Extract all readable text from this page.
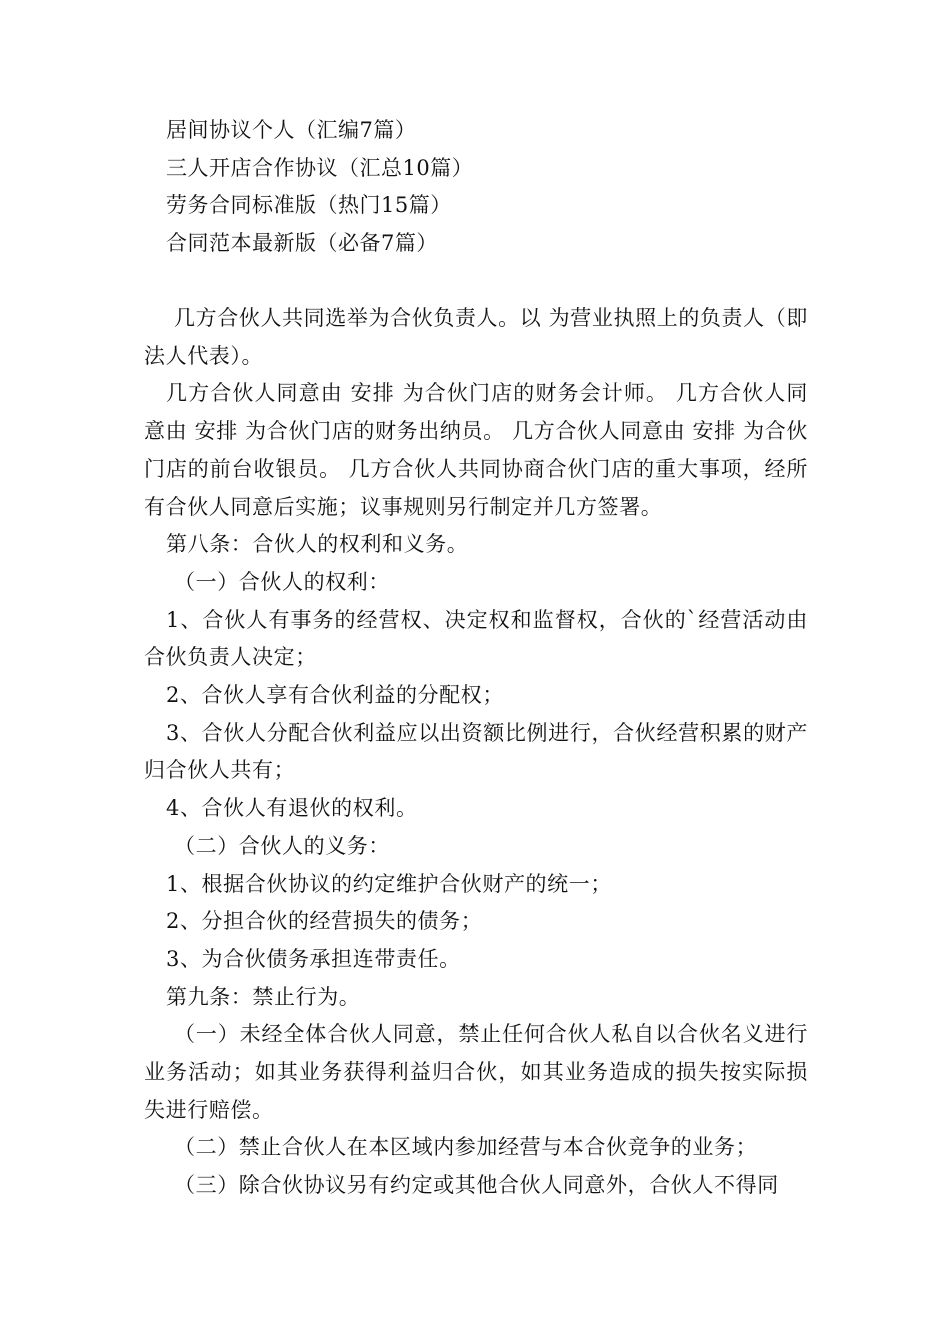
居间协议个人（汇编7篇）
三人开店合作协议（汇总10篇）
劳务合同标准版（热门15篇）
合同范本最新版（必备7篇）

几方合伙人共同选举为合伙负责人。以 为营业执照上的负责人（即法人代表）。

几方合伙人同意由 安排 为合伙门店的财务会计师。 几方合伙人同意由 安排 为合伙门店的财务出纳员。 几方合伙人同意由 安排 为合伙门店的前台收银员。 几方合伙人共同协商合伙门店的重大事项，经所有合伙人同意后实施；议事规则另行制定并几方签署。

第八条：合伙人的权利和义务。

（一）合伙人的权利：

1、合伙人有事务的经营权、决定权和监督权，合伙的`经营活动由合伙负责人决定；

2、合伙人享有合伙利益的分配权；

3、合伙人分配合伙利益应以出资额比例进行，合伙经营积累的财产归合伙人共有；

4、合伙人有退伙的权利。

（二）合伙人的义务：

1、根据合伙协议的约定维护合伙财产的统一；

2、分担合伙的经营损失的债务；

3、为合伙债务承担连带责任。

第九条：禁止行为。

（一）未经全体合伙人同意，禁止任何合伙人私自以合伙名义进行业务活动；如其业务获得利益归合伙，如其业务造成的损失按实际损失进行赔偿。

（二）禁止合伙人在本区域内参加经营与本合伙竞争的业务；

（三）除合伙协议另有约定或其他合伙人同意外，合伙人不得同
